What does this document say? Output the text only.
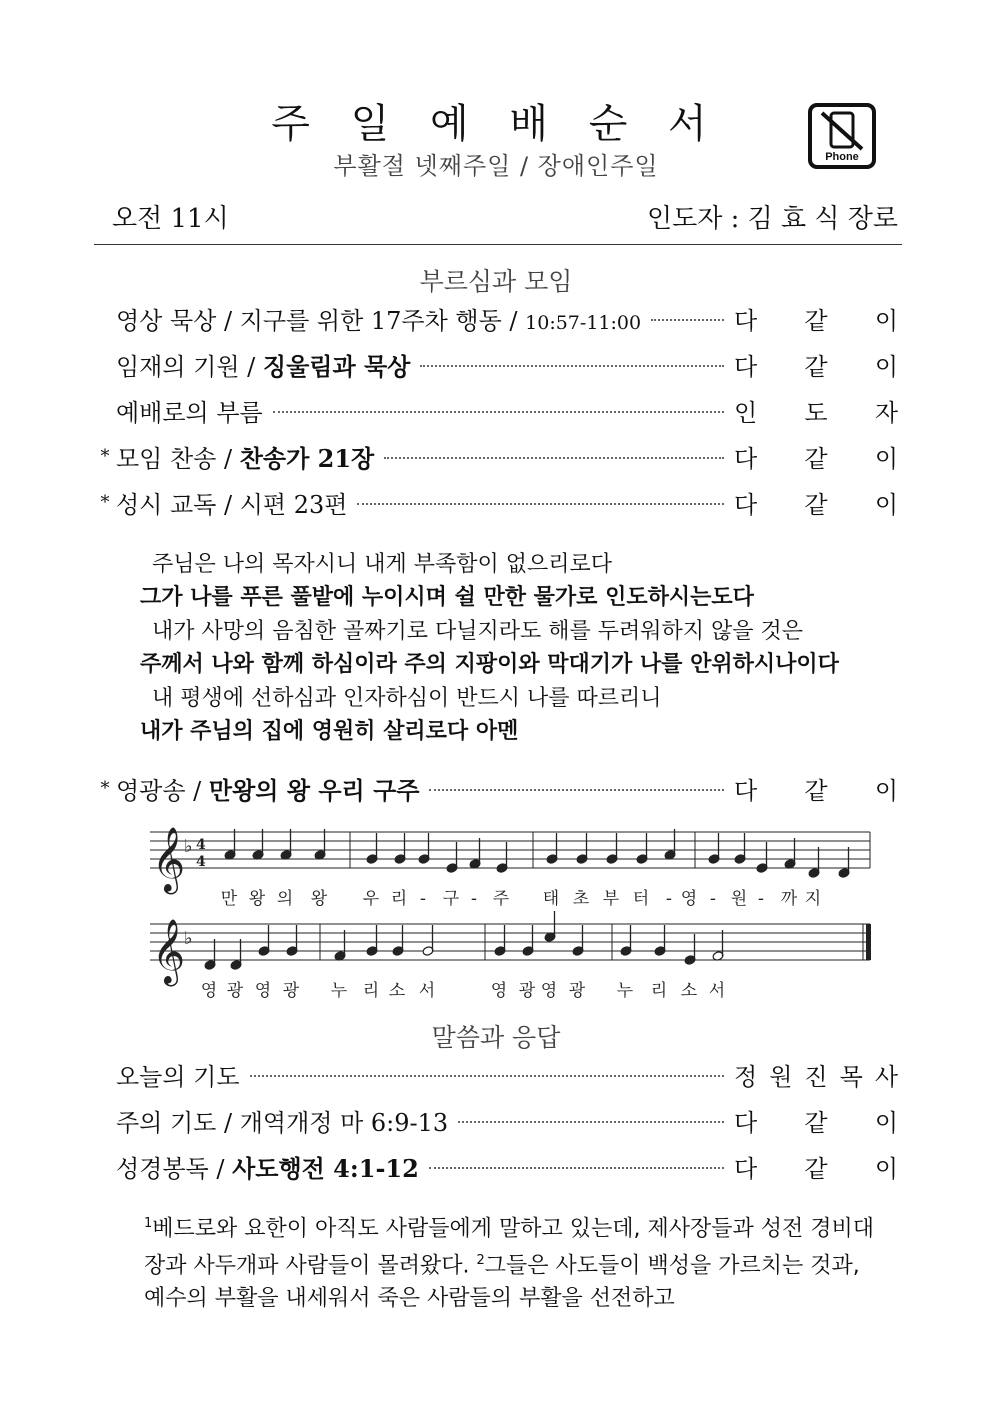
주 일 예 배 순 서
부활절 넷째주일 / 장애인주일	Phone
오전 11시	인도자 : 김 효 식 장로
부르심과 모임
영상 묵상 / 지구를 위한 17주차 행동 / 10:57-11:00	다 같 이
임재의 기원 / 징울림과 묵상	다 같 이
예배로의 부름	인 도 자
* 모임 찬송 / 찬송가 21장	다 같 이
* 성시 교독 / 시편 23편	다 같 이
주님은 나의 목자시니 내게 부족함이 없으리로다
그가 나를 푸른 풀밭에 누이시며 쉴 만한 물가로 인도하시는도다
내가 사망의 음침한 골짜기로 다닐지라도 해를 두려워하지 않을 것은
주께서 나와 함께 하심이라 주의 지팡이와 막대기가 나를 안위하시나이다
내 평생에 선하심과 인자하심이 반드시 나를 따르리니
내가 주님의 집에 영원히 살리로다 아멘
* 영광송 / 만왕의 왕 우리 구주	다 같 이
𝄞
𝄞
♭
♭
4
4
만 왕 의 왕 우 리 - 구 - 주 태 초 부 터 - 영 - 원 - 까 지
영 광 영 광 누 리 소 서	영 광 영 광 누 리 소 서
말씀과 응답
오늘의 기도	정 원 진 목 사
주의 기도 / 개역개정 마 6:9-13	다 같 이
성경봉독 / 사도행전 4:1-12	다 같 이
$^1$베드로와 요한이 아직도 사람들에게 말하고 있는데, 제사장들과 성전 경비대장과 사두개파 사람들이 몰려왔다. $^2$그들은 사도들이 백성을 가르치는 것과, 예수의 부활을 내세워서 죽은 사람들의 부활을 선전하고
